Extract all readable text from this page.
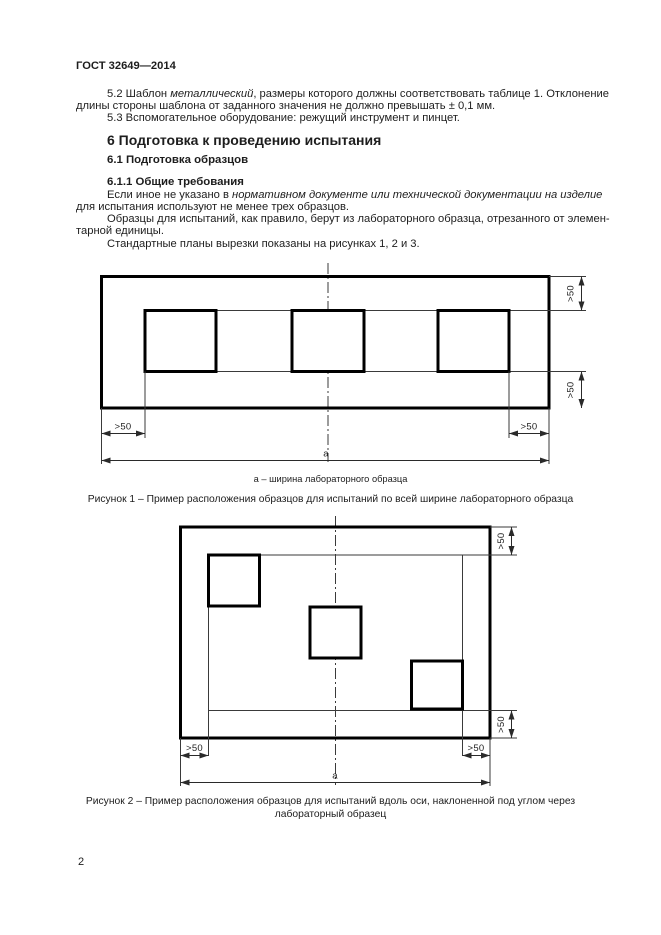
ГОСТ 32649—2014
5.2 Шаблон металлический, размеры которого должны соответствовать таблице 1. Отклонение
длины стороны шаблона от заданного значения не должно превышать ± 0,1 мм.
5.3 Вспомогательное оборудование: режущий инструмент и пинцет.
6 Подготовка к проведению испытания
6.1 Подготовка образцов
6.1.1 Общие требования
Если иное не указано в нормативном документе или технической документации на изделие
для испытания используют не менее трех образцов.
Образцы для испытаний, как правило, берут из лабораторного образца, отрезанного от элемен-
тарной единицы.
Стандартные планы вырезки показаны на рисунках 1, 2 и 3.
>50	>50
а
>50
>50
а – ширина лабораторного образца
Рисунок 1 – Пример расположения образцов для испытаний по всей ширине лабораторного образца
>50	>50
а
>50
>50
Рисунок 2 – Пример расположения образцов для испытаний вдоль оси, наклоненной под углом через
лабораторный образец
2
